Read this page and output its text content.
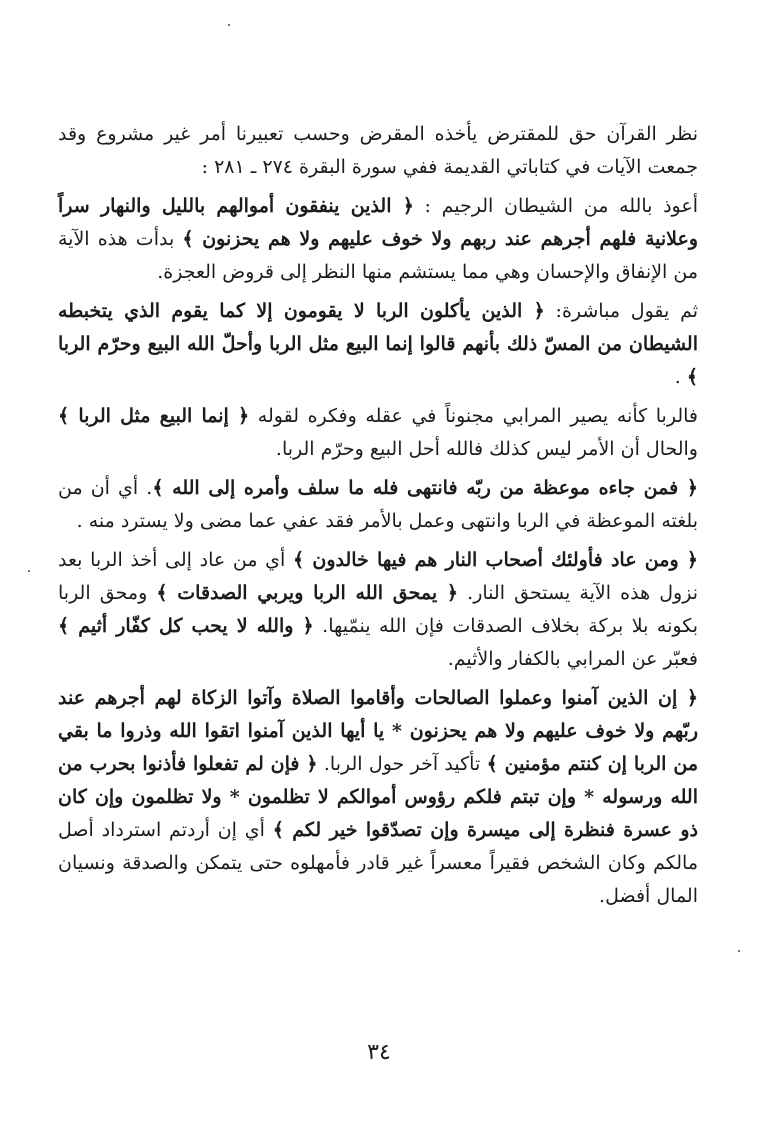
نظر القرآن حق للمقترض يأخذه المقرض وحسب تعبيرنا أمر غير مشروع وقد جمعت الآيات في كتاباتي القديمة ففي سورة البقرة ٢٧٤ ـ ٢٨١ :

أعوذ بالله من الشيطان الرجيم : ﴿ الذين ينفقون أموالهم بالليل والنهار سراً وعلانية فلهم أجرهم عند ربهم ولا خوف عليهم ولا هم يحزنون ﴾ بدأت هذه الآية من الإنفاق والإحسان وهي مما يستشم منها النظر إلى قروض العجزة.

ثم يقول مباشرة: ﴿ الذين يأكلون الربا لا يقومون إلا كما يقوم الذي يتخبطه الشيطان من المسّ ذلك بأنهم قالوا إنما البيع مثل الربا وأحلّ الله البيع وحرّم الربا ﴾ .

فالربا كأنه يصير المرابي مجنوناً في عقله وفكره لقوله ﴿ إنما البيع مثل الربا ﴾ والحال أن الأمر ليس كذلك فالله أحل البيع وحرّم الربا.

﴿ فمن جاءه موعظة من ربّه فانتهى فله ما سلف وأمره إلى الله ﴾. أي أن من بلغته الموعظة في الربا وانتهى وعمل بالأمر فقد عفي عما مضى ولا يسترد منه .

﴿ ومن عاد فأولئك أصحاب النار هم فيها خالدون ﴾ أي من عاد إلى أخذ الربا بعد نزول هذه الآية يستحق النار. ﴿ يمحق الله الربا ويربي الصدقات ﴾ ومحق الربا بكونه بلا بركة بخلاف الصدقات فإن الله ينمّيها. ﴿ والله لا يحب كل كفّار أثيم ﴾ فعبّر عن المرابي بالكفار والأثيم.

﴿ إن الذين آمنوا وعملوا الصالحات وأقاموا الصلاة وآتوا الزكاة لهم أجرهم عند ربّهم ولا خوف عليهم ولا هم يحزنون * يا أيها الذين آمنوا اتقوا الله وذروا ما بقي من الربا إن كنتم مؤمنين ﴾ تأكيد آخر حول الربا. ﴿ فإن لم تفعلوا فأذنوا بحرب من الله ورسوله * وإن تبتم فلكم رؤوس أموالكم لا تظلمون * ولا تظلمون وإن كان ذو عسرة فنظرة إلى ميسرة وإن تصدّقوا خير لكم ﴾ أي إن أردتم استرداد أصل مالكم وكان الشخص فقيراً معسراً غير قادر فأمهلوه حتى يتمكن والصدقة ونسيان المال أفضل.

٣٤
